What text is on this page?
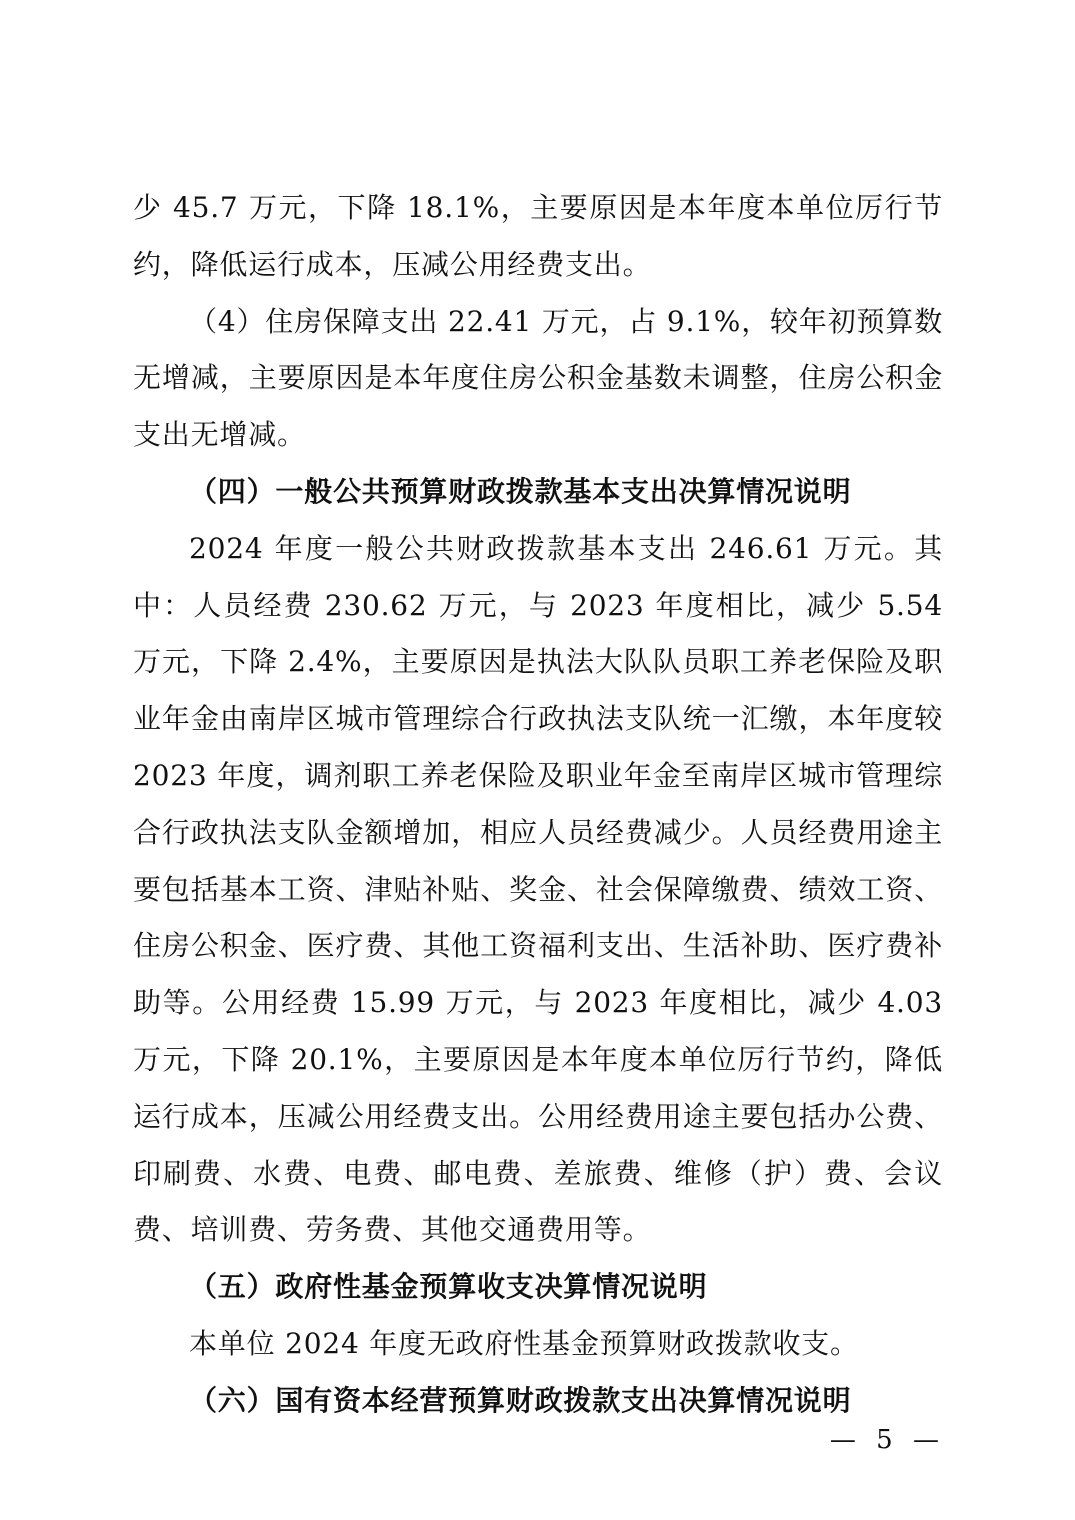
少 45.7 万元，下降 18.1%，主要原因是本年度本单位厉行节约，降低运行成本，压减公用经费支出。

（4）住房保障支出 22.41 万元，占 9.1%，较年初预算数无增减，主要原因是本年度住房公积金基数未调整，住房公积金支出无增减。

（四）一般公共预算财政拨款基本支出决算情况说明

2024 年度一般公共财政拨款基本支出 246.61 万元。其中：人员经费 230.62 万元，与 2023 年度相比，减少 5.54 万元，下降 2.4%，主要原因是执法大队队员职工养老保险及职业年金由南岸区城市管理综合行政执法支队统一汇缴，本年度较 2023 年度，调剂职工养老保险及职业年金至南岸区城市管理综合行政执法支队金额增加，相应人员经费减少。人员经费用途主要包括基本工资、津贴补贴、奖金、社会保障缴费、绩效工资、住房公积金、医疗费、其他工资福利支出、生活补助、医疗费补助等。公用经费 15.99 万元，与 2023 年度相比，减少 4.03 万元，下降 20.1%，主要原因是本年度本单位厉行节约，降低运行成本，压减公用经费支出。公用经费用途主要包括办公费、印刷费、水费、电费、邮电费、差旅费、维修（护）费、会议费、培训费、劳务费、其他交通费用等。

（五）政府性基金预算收支决算情况说明

本单位 2024 年度无政府性基金预算财政拨款收支。

（六）国有资本经营预算财政拨款支出决算情况说明

— 5 —
